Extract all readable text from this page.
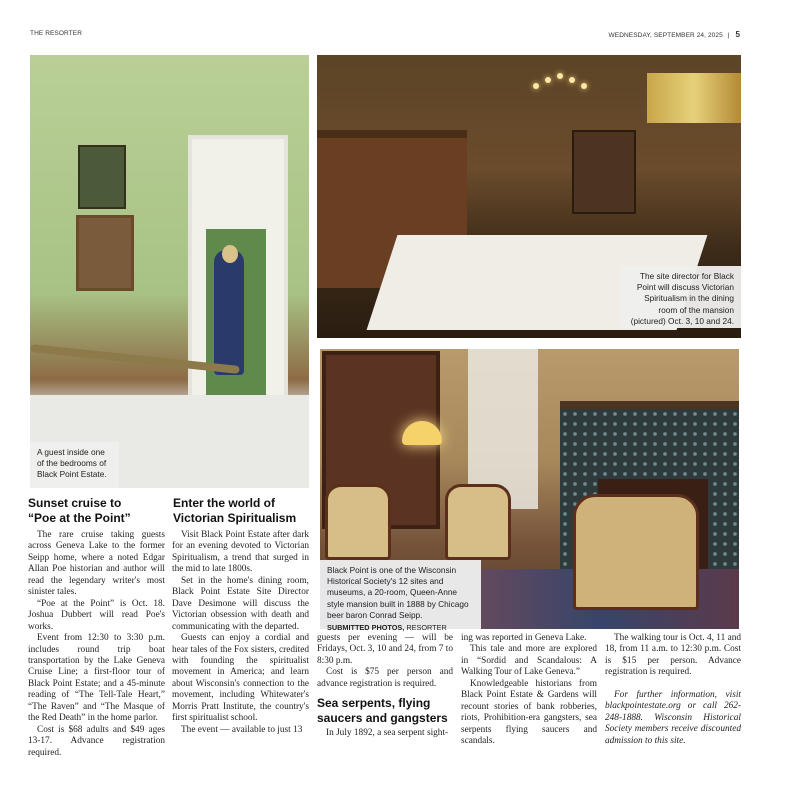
THE RESORTER	WEDNESDAY, SEPTEMBER 24, 2025 | 5
A guest inside one of the bedrooms of Black Point Estate.
The site director for Black Point will discuss Victorian Spiritualism in the dining room of the mansion (pictured) Oct. 3, 10 and 24.
Black Point is one of the Wisconsin Historical Society's 12 sites and museums, a 20-room, Queen-Anne style mansion built in 1888 by Chicago beer baron Conrad Seipp.
SUBMITTED PHOTOS, RESORTER
Sunset cruise to
“Poe at the Point”
Enter the world of
Victorian Spiritualism
Sea serpents, flying
saucers and gangsters

The rare cruise taking guests across Geneva Lake to the former Seipp home, where a noted Edgar Allan Poe historian and author will read the legendary writer's most sinister tales.

“Poe at the Point” is Oct. 18. Joshua Dubbert will read Poe's works.

Event from 12:30 to 3:30 p.m. includes round trip boat transportation by the Lake Geneva Cruise Line; a first-floor tour of Black Point Estate; and a 45-minute reading of “The Tell-Tale Heart,” “The Raven” and “The Masque of the Red Death” in the home parlor.

Cost is $68 adults and $49 ages 13-17. Advance registration required.

Visit Black Point Estate after dark for an evening devoted to Victorian Spiritualism, a trend that surged in the mid to late 1800s.

Set in the home's dining room, Black Point Estate Site Director Dave Desimone will discuss the Victorian obsession with death and communicating with the departed.

Guests can enjoy a cordial and hear tales of the Fox sisters, credited with founding the spiritualist movement in America; and learn about Wisconsin's connection to the movement, including Whitewater's Morris Pratt Institute, the country's first spiritualist school.

The event — available to just 13

guests per evening — will be Fridays, Oct. 3, 10 and 24, from 7 to 8:30 p.m.

Cost is $75 per person and advance registration is required.

In July 1892, a sea serpent sight-

ing was reported in Geneva Lake.

This tale and more are explored in “Sordid and Scandalous: A Walking Tour of Lake Geneva.”

Knowledgeable historians from Black Point Estate & Gardens will recount stories of bank robberies, riots, Prohibition-era gangsters, sea serpents flying saucers and scandals.

The walking tour is Oct. 4, 11 and 18, from 11 a.m. to 12:30 p.m. Cost is $15 per person. Advance registration is required.

For further information, visit blackpointestate.org or call 262-248-1888. Wisconsin Historical Society members receive discounted admission to this site.
